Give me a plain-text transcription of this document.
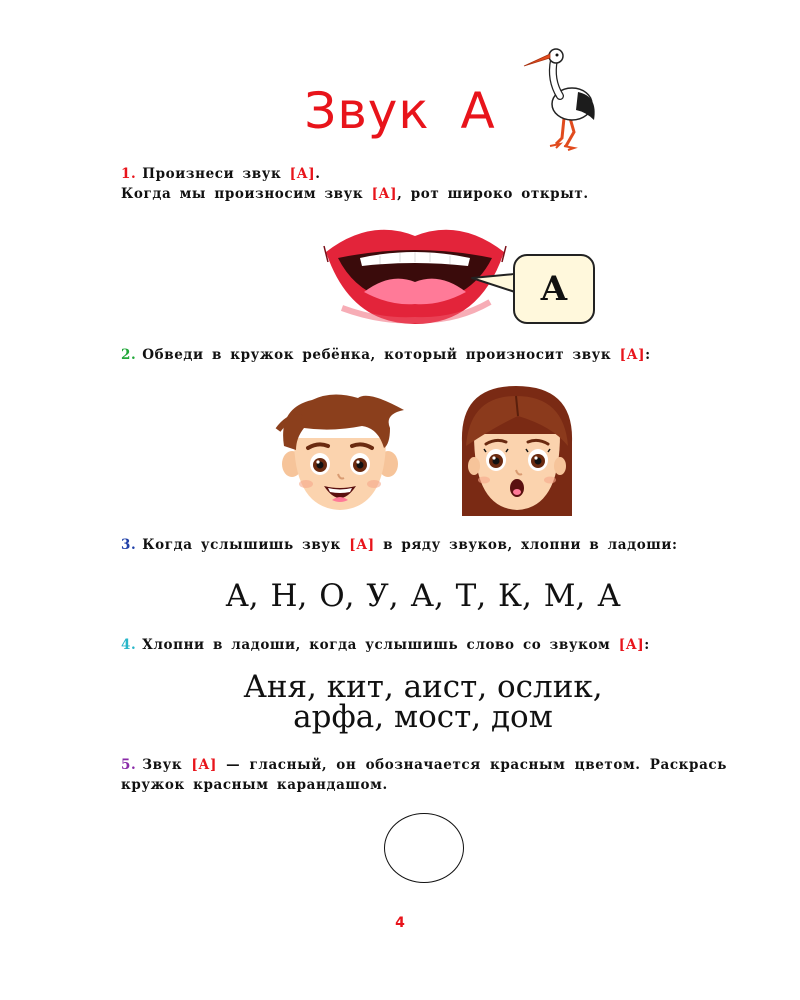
Звук А
1. Произнеси звук [А].
Когда мы произносим звук [А], рот широко открыт.
А
2. Обведи в кружок ребёнка, который произносит звук [А]:
3. Когда услышишь звук [А] в ряду звуков, хлопни в ладоши:
А, Н, О, У, А, Т, К, М, А
4. Хлопни в ладоши, когда услышишь слово со звуком [А]:
Аня, кит, аист, ослик,
арфа, мост, дом
5. Звук [А] — гласный, он обозначается красным цветом. Раскрась кружок красным карандашом.
4
